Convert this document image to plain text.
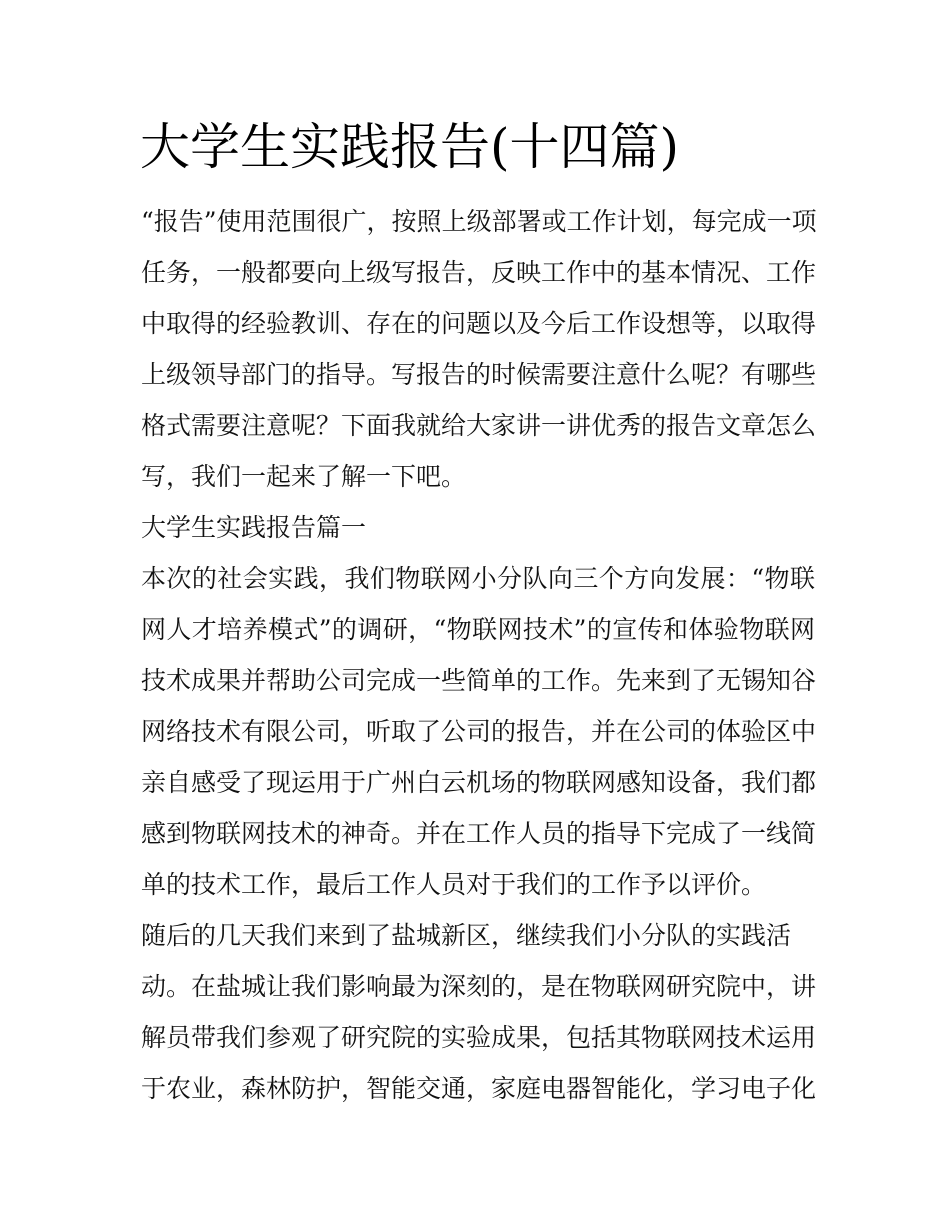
大学生实践报告(十四篇)
“报告”使用范围很广，按照上级部署或工作计划，每完成一项
任务，一般都要向上级写报告，反映工作中的基本情况、工作
中取得的经验教训、存在的问题以及今后工作设想等，以取得
上级领导部门的指导。写报告的时候需要注意什么呢？有哪些
格式需要注意呢？下面我就给大家讲一讲优秀的报告文章怎么
写，我们一起来了解一下吧。
大学生实践报告篇一
本次的社会实践，我们物联网小分队向三个方向发展：“物联
网人才培养模式”的调研，“物联网技术”的宣传和体验物联网
技术成果并帮助公司完成一些简单的工作。先来到了无锡知谷
网络技术有限公司，听取了公司的报告，并在公司的体验区中
亲自感受了现运用于广州白云机场的物联网感知设备，我们都
感到物联网技术的神奇。并在工作人员的指导下完成了一线简
单的技术工作，最后工作人员对于我们的工作予以评价。
随后的几天我们来到了盐城新区，继续我们小分队的实践活
动。在盐城让我们影响最为深刻的，是在物联网研究院中，讲
解员带我们参观了研究院的实验成果，包括其物联网技术运用
于农业，森林防护，智能交通，家庭电器智能化，学习电子化
